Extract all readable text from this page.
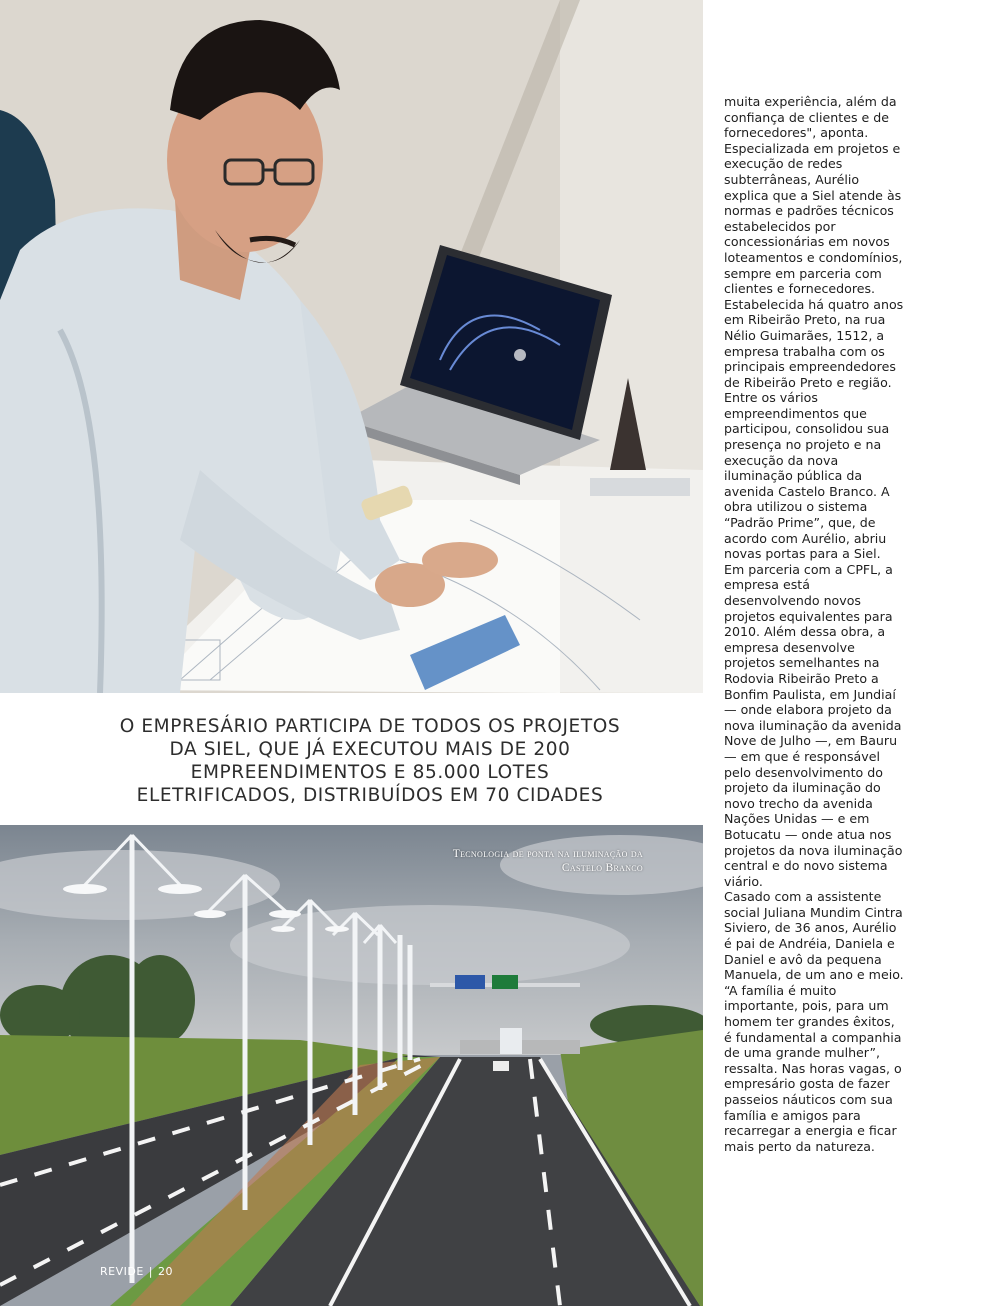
O EMPRESÁRIO PARTICIPA DE TODOS OS PROJETOS DA SIEL, QUE JÁ EXECUTOU MAIS DE 200 EMPREENDIMENTOS E 85.000 LOTES ELETRIFICADOS, DISTRIBUÍDOS EM 70 CIDADES
Tecnologia de ponta na iluminação da Castelo Branco
REVIDE | 20

muita experiência, além da confiança de clientes e de fornecedores", aponta. Especializada em projetos e execução de redes subterrâneas, Aurélio explica que a Siel atende às normas e padrões técnicos estabelecidos por concessionárias em novos loteamentos e condomínios, sempre em parceria com clientes e fornecedores. Estabelecida há quatro anos em Ribeirão Preto, na rua Nélio Guimarães, 1512, a empresa trabalha com os principais empreendedores de Ribeirão Preto e região.

Entre os vários empreendimentos que participou, consolidou sua presença no projeto e na execução da nova iluminação pública da avenida Castelo Branco. A obra utilizou o sistema “Padrão Prime”, que, de acordo com Aurélio, abriu novas portas para a Siel. Em parceria com a CPFL, a empresa está desenvolvendo novos projetos equivalentes para 2010. Além dessa obra, a empresa desenvolve projetos semelhantes na Rodovia Ribeirão Preto a Bonfim Paulista, em Jundiaí — onde elabora projeto da nova iluminação da avenida Nove de Julho —, em Bauru — em que é responsável pelo desenvolvimento do projeto da iluminação do novo trecho da avenida Nações Unidas — e em Botucatu — onde atua nos projetos da nova iluminação central e do novo sistema viário.

Casado com a assistente social Juliana Mundim Cintra Siviero, de 36 anos, Aurélio é pai de Andréia, Daniela e Daniel e avô da pequena Manuela, de um ano e meio. “A família é muito importante, pois, para um homem ter grandes êxitos, é fundamental a companhia de uma grande mulher”, ressalta. Nas horas vagas, o empresário gosta de fazer passeios náuticos com sua família e amigos para recarregar a energia e ficar mais perto da natureza.
